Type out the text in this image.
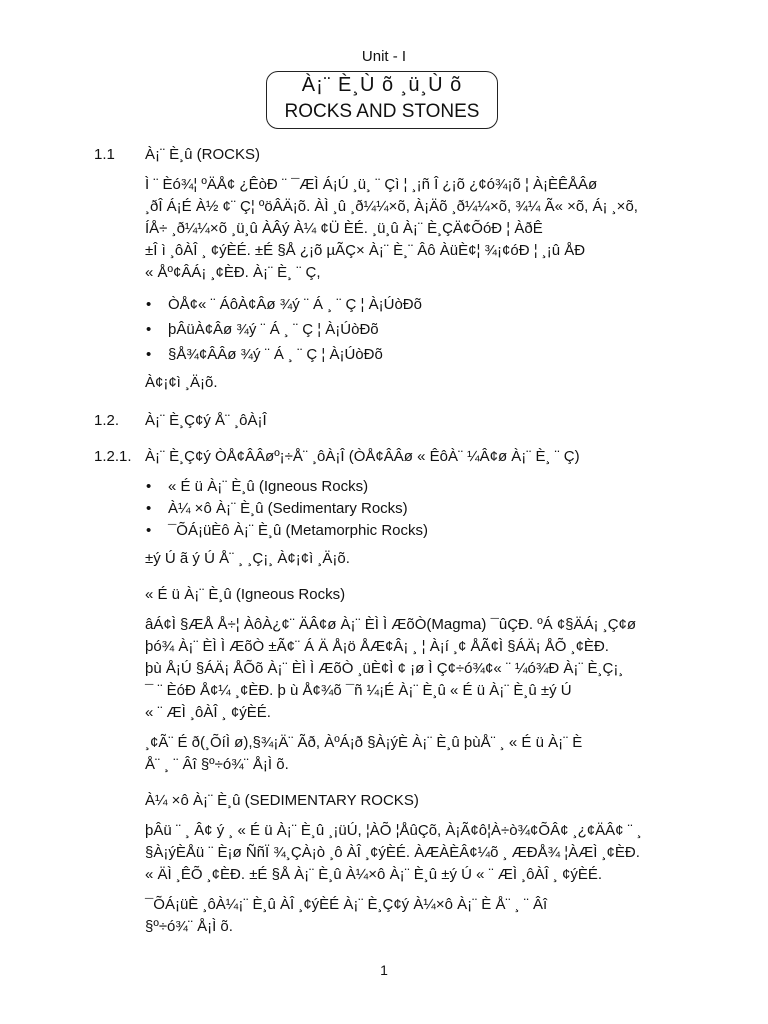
Unit - I
À¡¨ È¸Ù õ ¸ü¸Ù õ
ROCKS AND STONES
1.1 À¡¨ È¸û (ROCKS)
Ì ¨ Èó¾¦ ºÄÅ¢ ¿ÊòÐ ¨ ¯ÆÌ Á¡Ú ¸ü¸ ¨ Çì ¦ ¸¡ñ Î ¿¡õ ¿¢ó¾¡õ ¦ À¡ÈÊÅÂø
¸ðÎ Á¡É À½ ¢¨ Ç¦ ºöÂÄ¡õ. ÀÌ ¸û ¸ð¼¼×õ, À¡Äõ ¸ð¼¼×õ, ¾¼ Ã« ×õ, Á¡ ¸×õ,
ÍÅ÷ ¸ð¼¼×õ ¸ü¸û ÀÂý À¼ ¢Ü ÈÉ. ¸ü¸û À¡¨ È¸ÇÄ¢ÕóÐ ¦ ÀðÊ
±Î ì ¸ôÀÎ ¸ ¢ýÈÉ. ±É §Å ¿¡õ µÃÇ× À¡¨ È¸¨ Âô ÀüÈ¢¦ ¾¡¢óÐ ¦ ¸¡û ÅÐ
« Åº¢ÂÁ¡ ¸¢ÈÐ. À¡¨ È¸ ¨ Ç,
• ÒÅ¢« ¨ ÁôÀ¢Âø ¾ý ¨ Á ¸ ¨ Ç ¦ À¡ÚòÐõ
• þÂüÀ¢Âø ¾ý ¨ Á ¸ ¨ Ç ¦ À¡ÚòÐõ
• §Å¾¢ÂÂø ¾ý ¨ Á ¸ ¨ Ç ¦ À¡ÚòÐõ
À¢¡¢ì ¸Ä¡õ.
1.2. À¡¨ È¸Ç¢ý Å¨ ¸ôÀ¡Î
1.2.1. À¡¨ È¸Ç¢ý ÒÅ¢ÂÂøº¡÷Å¨ ¸ôÀ¡Î (ÒÅ¢ÂÂø « ÊôÀ¨ ¼Â¢ø À¡¨ È¸ ¨ Ç)
• « É ü À¡¨ È¸û (Igneous Rocks)
• À¼ ×ô À¡¨ È¸û (Sedimentary Rocks)
• ¯ÕÁ¡üÈô À¡¨ È¸û (Metamorphic Rocks)
±ý Ú ã ý Ú Å¨ ¸ ¸Ç¡¸ À¢¡¢ì ¸Ä¡õ.
« É ü À¡¨ È¸û (Igneous Rocks)
âÁ¢Ì §ÆÅ Å÷¦ ÀôÀ¿¢¨ ÄÂ¢ø À¡¨ ÈÌ Ì ÆõÒ(Magma) ¯ûÇÐ. ºÁ ¢§ÄÁ¡ ¸Ç¢ø
þó¾ À¡¨ ÈÌ Ì ÆõÒ ±Ã¢¨ Á Ä Å¡ö ÅÆ¢Â¡ ¸ ¦ À¡í ¸¢ ÅÃ¢Ì §ÁÄ¡ ÅÕ ¸¢ÈÐ.
þù Å¡Ú §ÁÄ¡ ÅÕõ À¡¨ ÈÌ Ì ÆõÒ ¸üÈ¢Ì ¢ ¡ø Ì Ç¢÷ó¾¢« ¨ ¼ó¾Ð À¡¨ È¸Ç¡¸
¯ ¨ ÈóÐ Å¢¼ ¸¢ÈÐ. þ ù Å¢¾õ ¯ñ ¼¡É À¡¨ È¸û « É ü À¡¨ È¸û ±ý Ú
« ¨ ÆÌ ¸ôÀÎ ¸ ¢ýÈÉ.
¸¢Ã¨ É ð(¸ÕíÌ ø),§¾¡Ä¨ Ãð, ÀºÁ¡ð §À¡ýÈ À¡¨ È¸û þùÅ¨ ¸ « É ü À¡¨ È
Å¨ ¸ ¨ Âî §º÷ó¾¨ Å¡Ì õ.
À¼ ×ô À¡¨ È¸û (SEDIMENTARY ROCKS)
þÂü ¨ ¸ Â¢ ý ¸ « É ü À¡¨ È¸û ¸¡üÚ, ¦ÀÕ ¦ÅûÇõ, À¡Ã¢ô¦À÷ò¾¢ÕÂ¢ ¸¿¢ÄÂ¢ ¨ ¸
§À¡ýÈÅü ¨ È¡ø ÑñÏ ¾¸ÇÀ¡ò ¸ô ÀÎ ¸¢ýÈÉ. ÀÆÀÈÂ¢¼õ ¸ ÆÐÅ¾ ¦ÀÆÌ ¸¢ÈÐ.
« ÄÌ ¸ÊÕ ¸¢ÈÐ. ±É §Å À¡¨ È¸û À¼×ô À¡¨ È¸û ±ý Ú « ¨ ÆÌ ¸ôÀÎ ¸ ¢ýÈÉ.
¯ÕÁ¡üÈ ¸ôÀ¼¡¨ È¸û ÀÎ ¸¢ýÈÉ À¡¨ È¸Ç¢ý À¼×ô À¡¨ È Å¨ ¸ ¨ Âî
§º÷ó¾¨ Å¡Ì õ.
1
